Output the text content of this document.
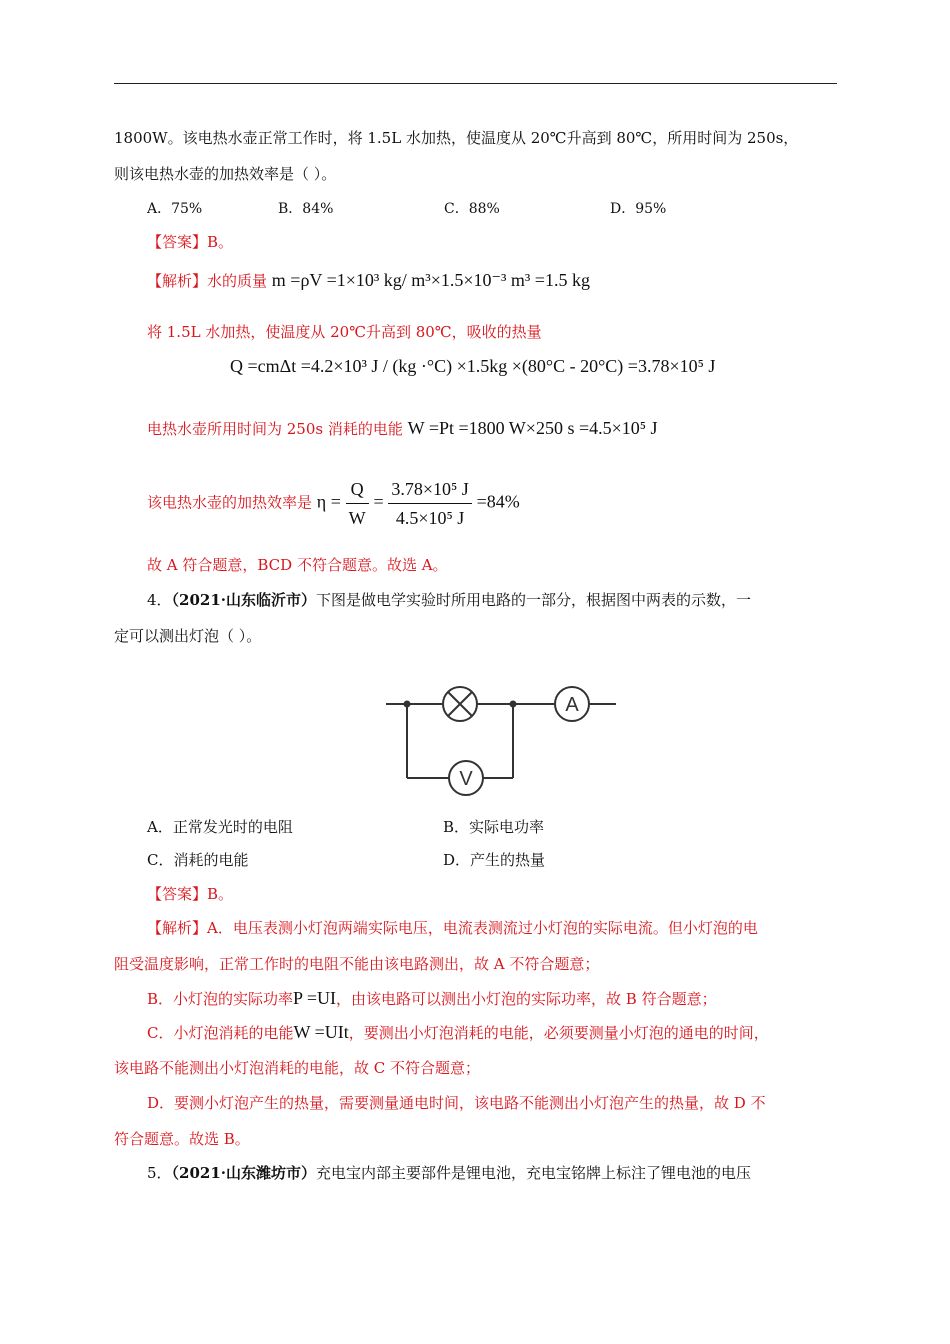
1800W。该电热水壶正常工作时，将 1.5L 水加热，使温度从 20℃升高到 80℃，所用时间为 250s，
则该电热水壶的加热效率是（ ）。
A．75%	B．84%	C．88%	D．95%
【答案】B。
【解析】水的质量 m =ρV =1×10³ kg/ m³×1.5×10⁻³ m³ =1.5 kg
将 1.5L 水加热，使温度从 20℃升高到 80℃，吸收的热量
Q =cmΔt =4.2×10³ J / (kg ·°C) ×1.5kg ×(80°C - 20°C) =3.78×10⁵ J
电热水壶所用时间为 250s 消耗的电能 W =Pt =1800 W×250 s =4.5×10⁵ J
该电热水壶的加热效率是 $\eta = \frac{Q}{W} = \frac{\text{3.78×10⁵ J}}{\text{4.5×10⁵ J}} =84\%$
故 A 符合题意，BCD 不符合题意。故选 A。
4．（2021·山东临沂市）下图是做电学实验时所用电路的一部分，根据图中两表的示数，一
定可以测出灯泡（ ）。
A
V
A．正常发光时的电阻	B．实际电功率
C．消耗的电能	D．产生的热量
【答案】B。
【解析】A．电压表测小灯泡两端实际电压，电流表测流过小灯泡的实际电流。但小灯泡的电
阻受温度影响，正常工作时的电阻不能由该电路测出，故 A 不符合题意；
B．小灯泡的实际功率P =UI，由该电路可以测出小灯泡的实际功率，故 B 符合题意；
C．小灯泡消耗的电能W =UIt，要测出小灯泡消耗的电能，必须要测量小灯泡的通电的时间，
该电路不能测出小灯泡消耗的电能，故 C 不符合题意；
D．要测小灯泡产生的热量，需要测量通电时间，该电路不能测出小灯泡产生的热量，故 D 不
符合题意。故选 B。
5．（2021·山东潍坊市）充电宝内部主要部件是锂电池，充电宝铭牌上标注了锂电池的电压
